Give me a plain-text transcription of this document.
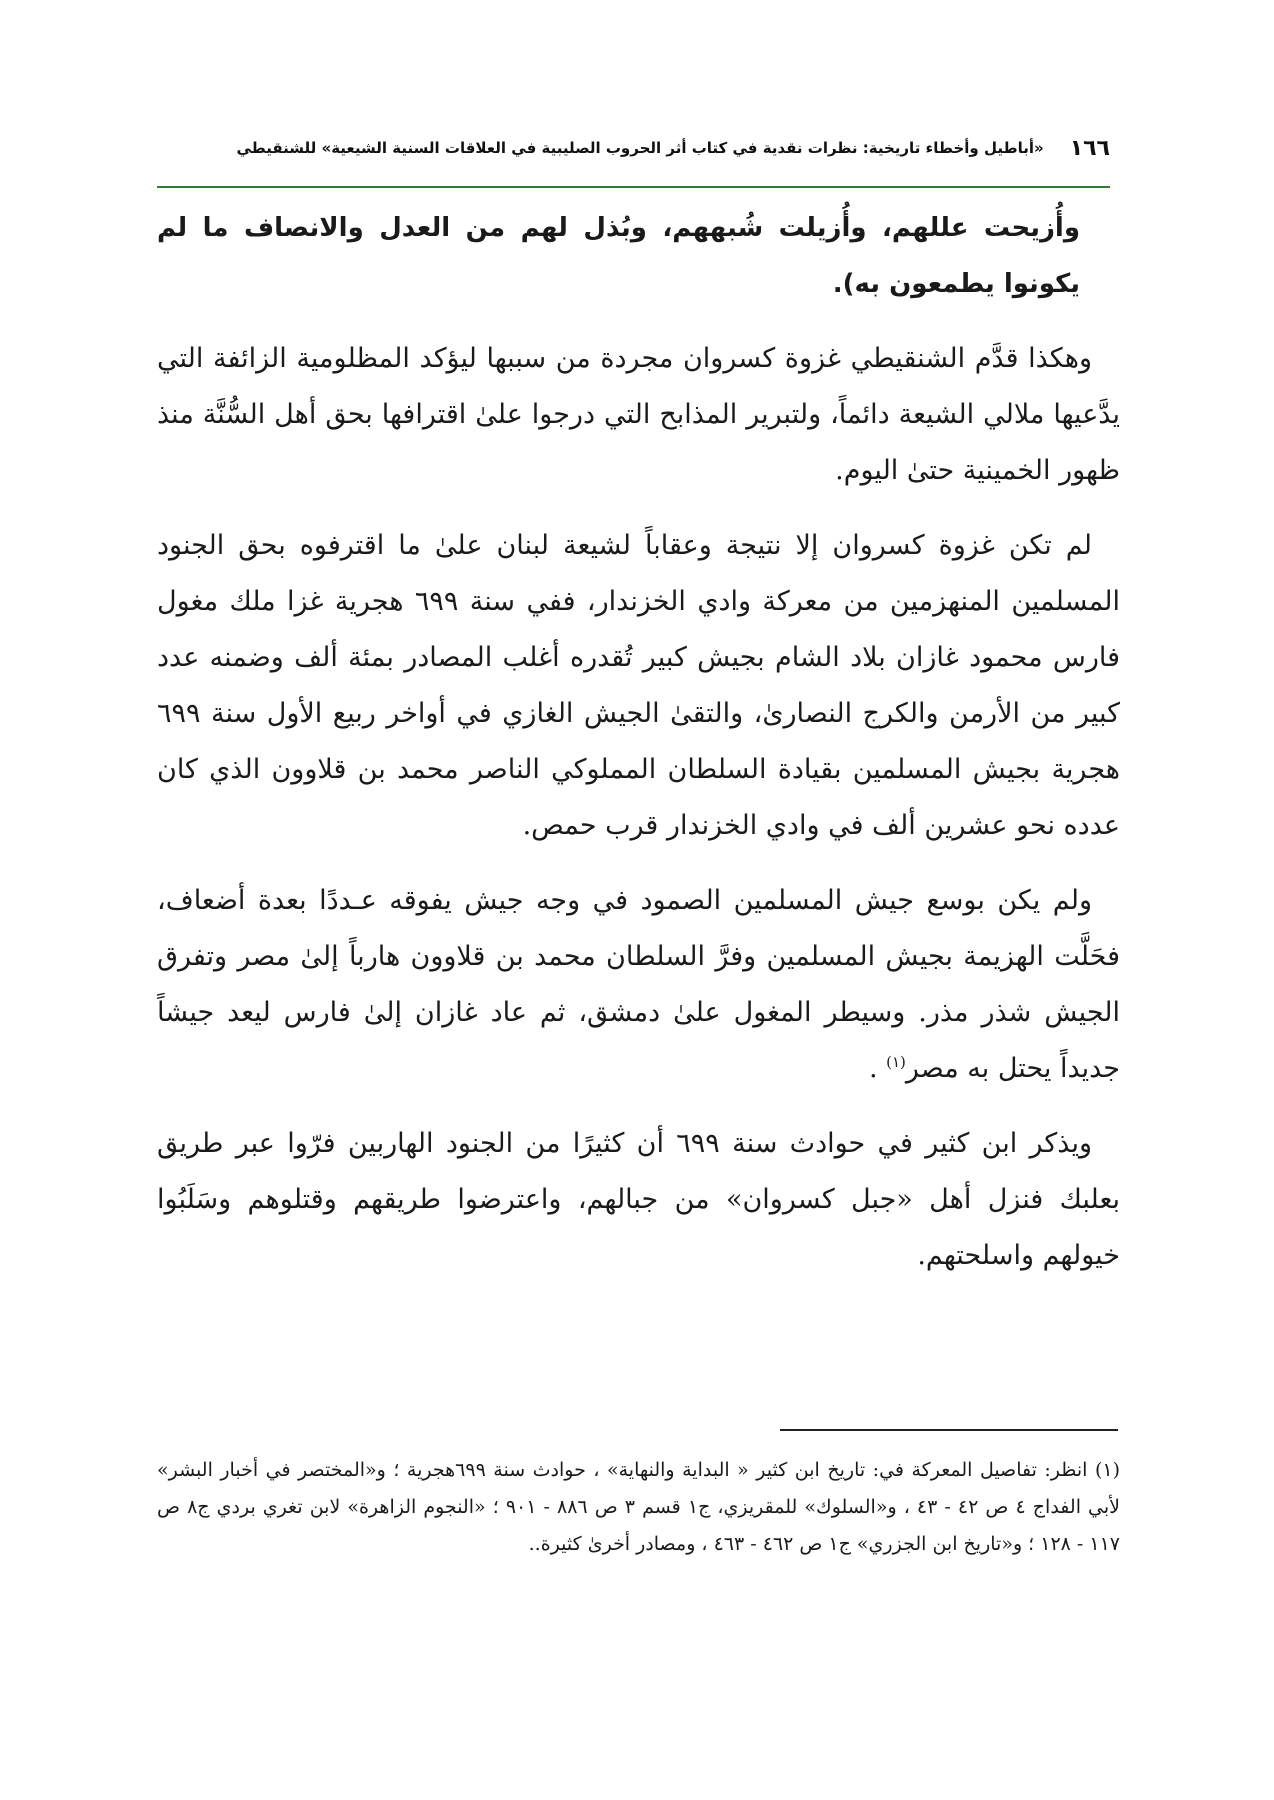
١٦٦
«أباطيل وأخطاء تاريخية: نظرات نقدية في كتاب أثر الحروب الصليبية في العلاقات السنية الشيعية» للشنقيطي

وأُزيحت عللهم، وأُزيلت شُبههم، وبُذل لهم من العدل والانصاف ما لم يكونوا يطمعون به).

وهكذا قدَّم الشنقيطي غزوة كسروان مجردة من سببها ليؤكد المظلومية الزائفة التي يدَّعيها ملالي الشيعة دائماً، ولتبرير المذابح التي درجوا علىٰ اقترافها بحق أهل السُّنَّة منذ ظهور الخمينية حتىٰ اليوم.

لم تكن غزوة كسروان إلا نتيجة وعقاباً لشيعة لبنان علىٰ ما اقترفوه بحق الجنود المسلمين المنهزمين من معركة وادي الخزندار، ففي سنة ٦٩٩ هجرية غزا ملك مغول فارس محمود غازان بلاد الشام بجيش كبير تُقدره أغلب المصادر بمئة ألف وضمنه عدد كبير من الأرمن والكرج النصارىٰ، والتقىٰ الجيش الغازي في أواخر ربيع الأول سنة ٦٩٩ هجرية بجيش المسلمين بقيادة السلطان المملوكي الناصر محمد بن قلاوون الذي كان عدده نحو عشرين ألف في وادي الخزندار قرب حمص.

ولم يكن بوسع جيش المسلمين الصمود في وجه جيش يفوقه عـددًا بعدة أضعاف، فحَلَّت الهزيمة بجيش المسلمين وفرَّ السلطان محمد بن قلاوون هارباً إلىٰ مصر وتفرق الجيش شذر مذر. وسيطر المغول علىٰ دمشق، ثم عاد غازان إلىٰ فارس ليعد جيشاً جديداً يحتل به مصر$^{(١)}$ .

ويذكر ابن كثير في حوادث سنة ٦٩٩ أن كثيرًا من الجنود الهاربين فرّوا عبر طريق بعلبك فنزل أهل «جبل كسروان» من جبالهم، واعترضوا طريقهم وقتلوهم وسَلَبُوا خيولهم واسلحتهم.

(١) انظر: تفاصيل المعركة في: تاريخ ابن كثير « البداية والنهاية» ، حوادث سنة ٦٩٩هجرية ؛ و«المختصر في أخبار البشر» لأبي الفداج ٤ ص ٤٢ - ٤٣ ، و«السلوك» للمقريزي، ج١ قسم ٣ ص ٨٨٦ - ٩٠١ ؛ «النجوم الزاهرة» لابن تغري بردي ج٨ ص ١١٧ - ١٢٨ ؛ و«تاريخ ابن الجزري» ج١ ص ٤٦٢ - ٤٦٣ ، ومصادر أخرىٰ كثيرة..
